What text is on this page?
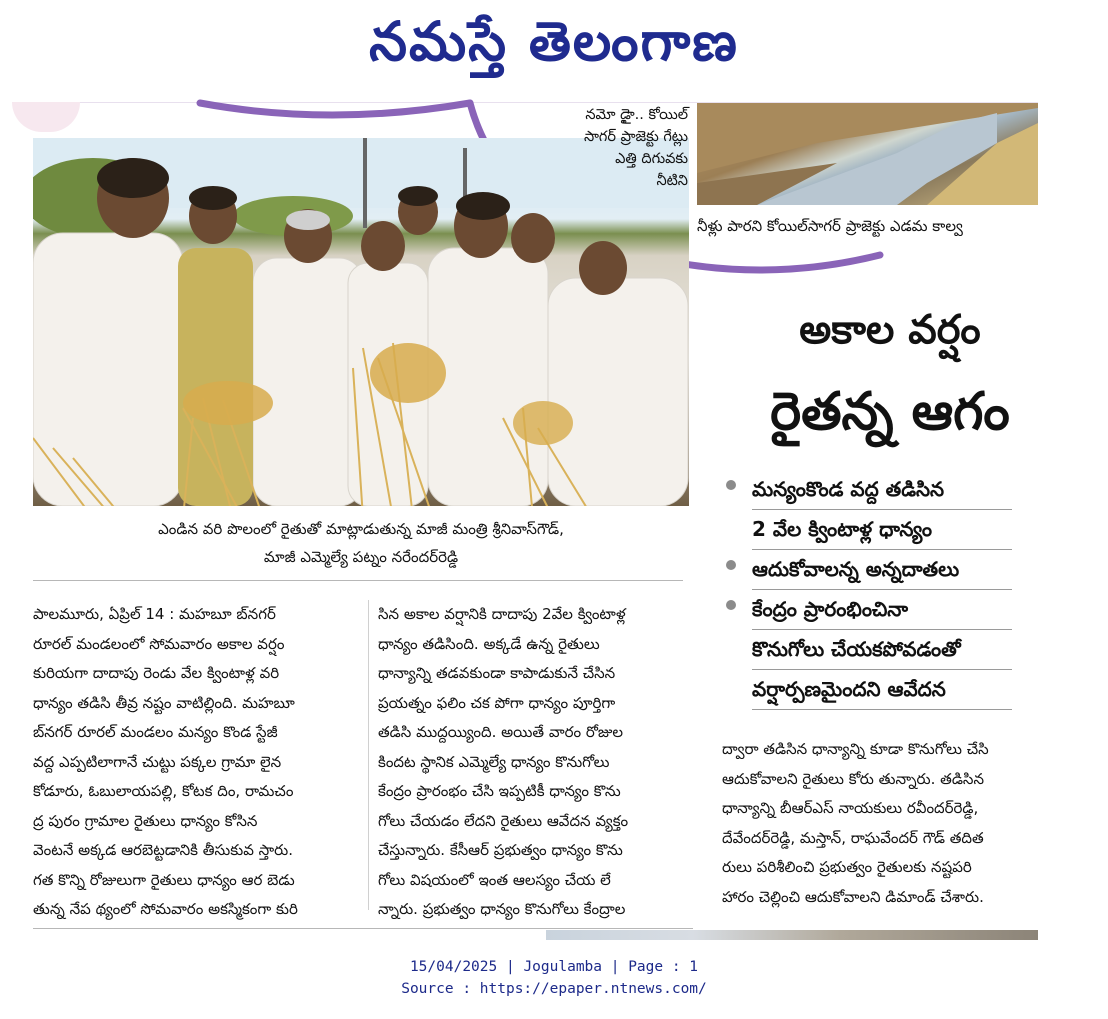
నమస్తే తెలంగాణ
నమో డైౖా.. కోయిల్
సాగర్ ప్రాజెక్టు గేట్లు
ఎత్తి దిగువకు
నీటిని
నీళ్లు పారని కోయిల్‌సాగర్ ప్రాజెక్టు ఎడమ కాల్వ
అకాల వర్షం
రైతన్న ఆగం
మన్యంకొండ వద్ద తడిసిన
2 వేల క్వింటాళ్ల ధాన్యం
ఆదుకోవాలన్న అన్నదాతలు
కేంద్రం ప్రారంభించినా
కొనుగోలు చేయకపోవడంతో
వర్షార్పణమైందని ఆవేదన
ఎండిన వరి పొలంలో రైతుతో మాట్లాడుతున్న మాజీ మంత్రి శ్రీనివాస్‌గౌడ్,
మాజీ ఎమ్మెల్యే పట్నం నరేందర్‌రెడ్డి
పాలమూరు, ఏప్రిల్ 14 : మహబూ బ్‌నగర్
రూరల్ మండలంలో సోమవారం అకాల వర్షం
కురియగా దాదాపు రెండు వేల క్వింటాళ్ల వరి
ధాన్యం తడిసి తీవ్ర నష్టం వాటిల్లింది. మహబూ
బ్‌నగర్ రూరల్ మండలం మన్యం కొండ స్టేజీ
వద్ద ఎప్పటిలాగానే చుట్టు పక్కల గ్రామా లైన
కోడూరు, ఓబులాయపల్లి, కోటక దిం, రామచం
ద్ర పురం గ్రామాల రైతులు ధాన్యం కోసిన
వెంటనే అక్కడ ఆరబెట్టడానికి తీసుకువ స్తారు.
గత కొన్ని రోజులుగా రైతులు ధాన్యం ఆర బెడు
తున్న నేప థ్యంలో సోమవారం అకస్మికంగా కురి
సిన అకాల వర్షానికి దాదాపు 2వేల క్వింటాళ్ల
ధాన్యం తడిసింది. అక్కడే ఉన్న రైతులు
ధాన్యాన్ని తడవకుండా కాపాడుకునే చేసిన
ప్రయత్నం ఫలిం చక పోగా ధాన్యం పూర్తిగా
తడిసి ముద్దయ్యింది. అయితే వారం రోజుల
కిందట స్థానిక ఎమ్మెల్యే ధాన్యం కొనుగోలు
కేంద్రం ప్రారంభం చేసి ఇప్పటికీ ధాన్యం కొను
గోలు చేయడం లేదని రైతులు ఆవేదన వ్యక్తం
చేస్తున్నారు. కేసీఆర్ ప్రభుత్వం ధాన్యం కొను
గోలు విషయంలో ఇంత ఆలస్యం చేయ లే
న్నారు. ప్రభుత్వం ధాన్యం కొనుగోలు కేంద్రాల
ద్వారా తడిసిన ధాన్యాన్ని కూడా కొనుగోలు చేసి
ఆదుకోవాలని రైతులు కోరు తున్నారు. తడిసిన
ధాన్యాన్ని బీఆర్‌ఎస్ నాయకులు రవీందర్‌రెడ్డి,
దేవేందర్‌రెడ్డి, మస్తాన్, రాఘవేందర్ గౌడ్ తదిత
రులు పరిశీలించి ప్రభుత్వం రైతులకు నష్టపరి
హారం చెల్లించి ఆదుకోవాలని డిమాండ్ చేశారు.
15/04/2025 | Jogulamba | Page : 1
Source : https://epaper.ntnews.com/
